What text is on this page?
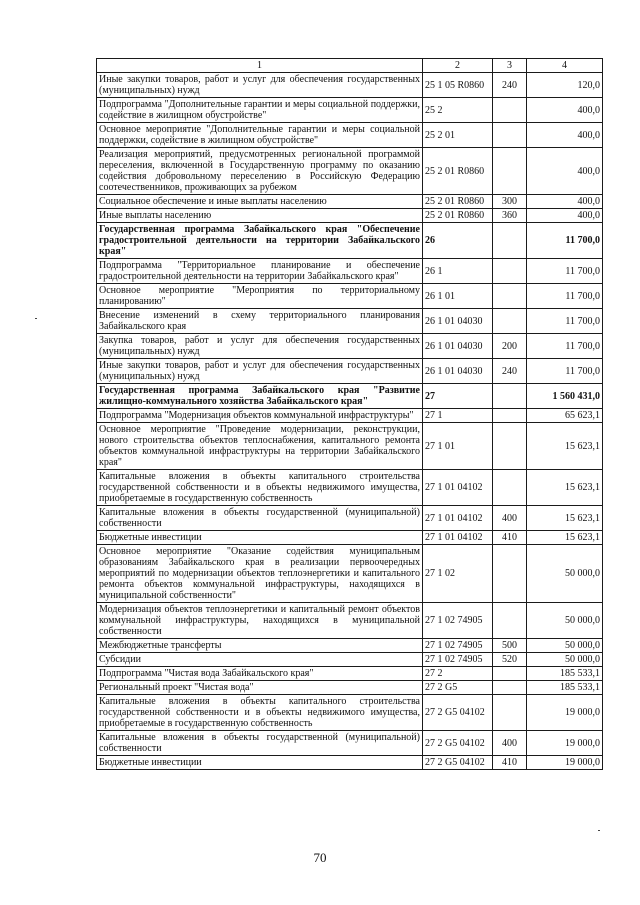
1	2	3	4
Иные закупки товаров, работ и услуг для обеспечения государственных (муниципальных) нужд	25 1 05 R0860	240	120,0
Подпрограмма "Дополнительные гарантии и меры социальной поддержки, содействие в жилищном обустройстве"	25 2		400,0
Основное мероприятие "Дополнительные гарантии и меры социальной поддержки, содействие в жилищном обустройстве"	25 2 01		400,0
Реализация мероприятий, предусмотренных региональной программой переселения, включенной в Государственную программу по оказанию содействия добровольному переселению в Российскую Федерацию соотечественников, проживающих за рубежом	25 2 01 R0860		400,0
Социальное обеспечение и иные выплаты населению	25 2 01 R0860	300	400,0
Иные выплаты населению	25 2 01 R0860	360	400,0
Государственная программа Забайкальского края "Обеспечение градостроительной деятельности на территории Забайкальского края"	26		11 700,0
Подпрограмма "Территориальное планирование и обеспечение градостроительной деятельности на территории Забайкальского края"	26 1		11 700,0
Основное мероприятие "Мероприятия по территориальному планированию"	26 1 01		11 700,0
Внесение изменений в схему территориального планирования Забайкальского края	26 1 01 04030		11 700,0
Закупка товаров, работ и услуг для обеспечения государственных (муниципальных) нужд	26 1 01 04030	200	11 700,0
Иные закупки товаров, работ и услуг для обеспечения государственных (муниципальных) нужд	26 1 01 04030	240	11 700,0
Государственная программа Забайкальского края "Развитие жилищно-коммунального хозяйства Забайкальского края"	27		1 560 431,0
Подпрограмма "Модернизация объектов коммунальной инфраструктуры"	27 1		65 623,1
Основное мероприятие "Проведение модернизации, реконструкции, нового строительства объектов теплоснабжения, капитального ремонта объектов коммунальной инфраструктуры на территории Забайкальского края"	27 1 01		15 623,1
Капитальные вложения в объекты капитального строительства государственной собственности и в объекты недвижимого имущества, приобретаемые в государственную собственность	27 1 01 04102		15 623,1
Капитальные вложения в объекты государственной (муниципальной) собственности	27 1 01 04102	400	15 623,1
Бюджетные инвестиции	27 1 01 04102	410	15 623,1
Основное мероприятие "Оказание содействия муниципальным образованиям Забайкальского края в реализации первоочередных мероприятий по модернизации объектов теплоэнергетики и капитального ремонта объектов коммунальной инфраструктуры, находящихся в муниципальной собственности"	27 1 02		50 000,0
Модернизация объектов теплоэнергетики и капитальный ремонт объектов коммунальной инфраструктуры, находящихся в муниципальной собственности	27 1 02 74905		50 000,0
Межбюджетные трансферты	27 1 02 74905	500	50 000,0
Субсидии	27 1 02 74905	520	50 000,0
Подпрограмма "Чистая вода Забайкальского края"	27 2		185 533,1
Региональный проект "Чистая вода"	27 2 G5		185 533,1
Капитальные вложения в объекты капитального строительства государственной собственности и в объекты недвижимого имущества, приобретаемые в государственную собственность	27 2 G5 04102		19 000,0
Капитальные вложения в объекты государственной (муниципальной) собственности	27 2 G5 04102	400	19 000,0
Бюджетные инвестиции	27 2 G5 04102	410	19 000,0
70
